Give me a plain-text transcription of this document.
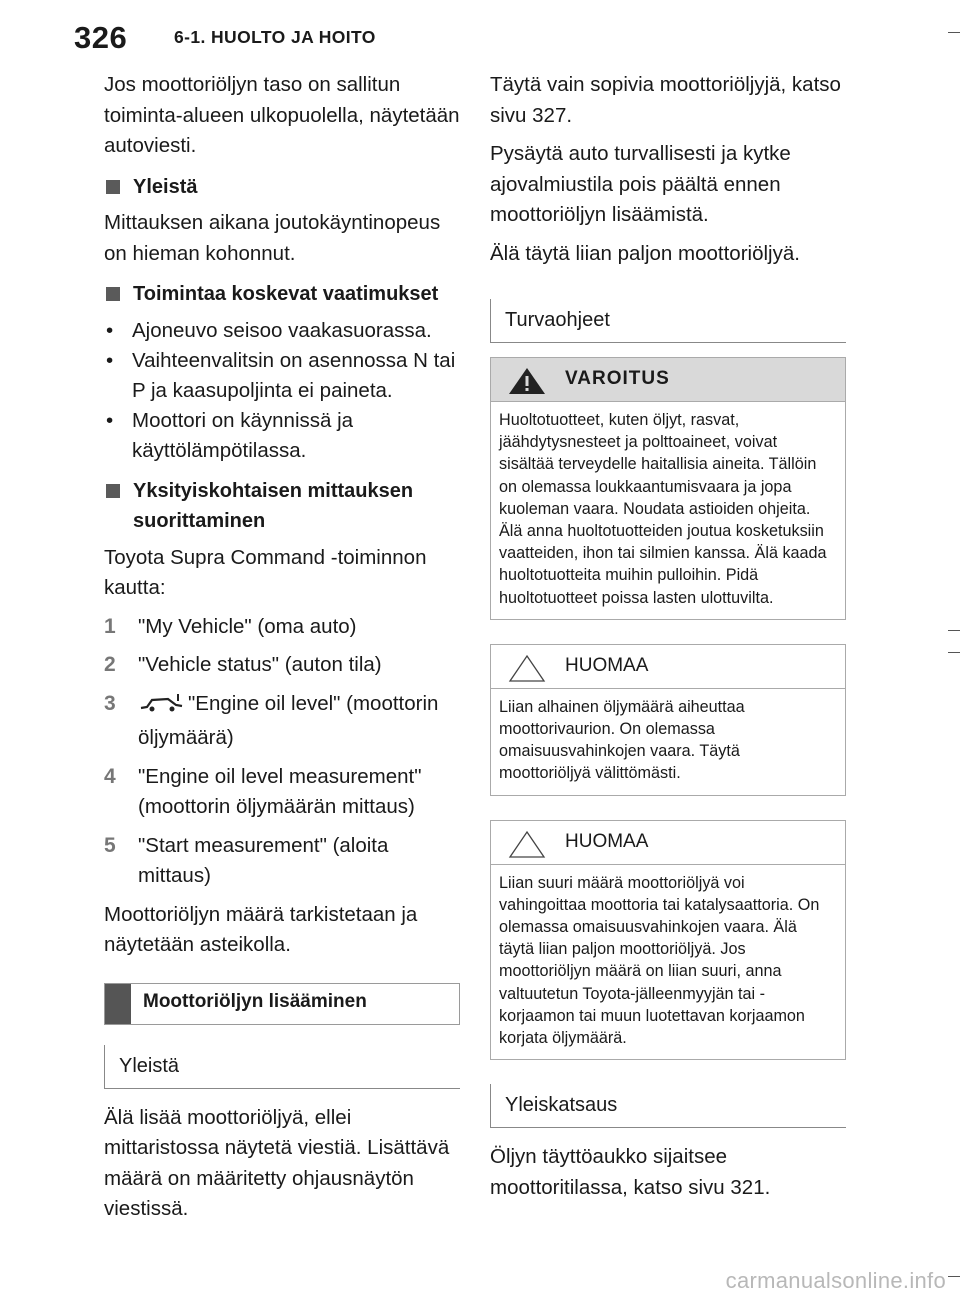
326	6-1. HUOLTO JA HOITO

Jos moottoriöljyn taso on sallitun toiminta-alueen ulkopuolella, näytetään autoviesti.

Yleistä

Mittauksen aikana joutokäyntinopeus on hieman kohonnut.

Toimintaa koskevat vaatimukset
• Ajoneuvo seisoo vaakasuorassa.
• Vaihteenvalitsin on asennossa N tai P ja kaasupoljinta ei paineta.
• Moottori on käynnissä ja käyttölämpötilassa.
Yksityiskohtaisen mittauksen suorittaminen

Toyota Supra Command -toiminnon kautta:

1	"My Vehicle" (oma auto)
2	"Vehicle status" (auton tila)
3	"Engine oil level" (moottorin öljymäärä)
4	"Engine oil level measurement" (moottorin öljymäärän mittaus)
5	"Start measurement" (aloita mittaus)

Moottoriöljyn määrä tarkistetaan ja näytetään asteikolla.

Moottoriöljyn lisääminen
Yleistä

Älä lisää moottoriöljyä, ellei mittaristossa näytetä viestiä. Lisättävä määrä on määritetty ohjausnäytön viestissä.

Täytä vain sopivia moottoriöljyjä, katso sivu 327.

Pysäytä auto turvallisesti ja kytke ajovalmiustila pois päältä ennen moottoriöljyn lisäämistä.

Älä täytä liian paljon moottoriöljyä.

Turvaohjeet
VAROITUS
Huoltotuotteet, kuten öljyt, rasvat, jäähdytysnesteet ja polttoaineet, voivat sisältää terveydelle haitallisia aineita. Tällöin on olemassa loukkaantumisvaara ja jopa kuoleman vaara. Noudata astioiden ohjeita. Älä anna huoltotuotteiden joutua kosketuksiin vaatteiden, ihon tai silmien kanssa. Älä kaada huoltotuotteita muihin pulloihin. Pidä huoltotuotteet poissa lasten ulottuvilta.
HUOMAA
Liian alhainen öljymäärä aiheuttaa moottorivaurion. On olemassa omaisuusvahinkojen vaara. Täytä moottoriöljyä välittömästi.
HUOMAA
Liian suuri määrä moottoriöljyä voi vahingoittaa moottoria tai katalysaattoria. On olemassa omaisuusvahinkojen vaara. Älä täytä liian paljon moottoriöljyä. Jos moottoriöljyn määrä on liian suuri, anna valtuutetun Toyota-jälleenmyyjän tai -korjaamon tai muun luotettavan korjaamon korjata öljymäärä.
Yleiskatsaus

Öljyn täyttöaukko sijaitsee moottoritilassa, katso sivu 321.

carmanualsonline.info
